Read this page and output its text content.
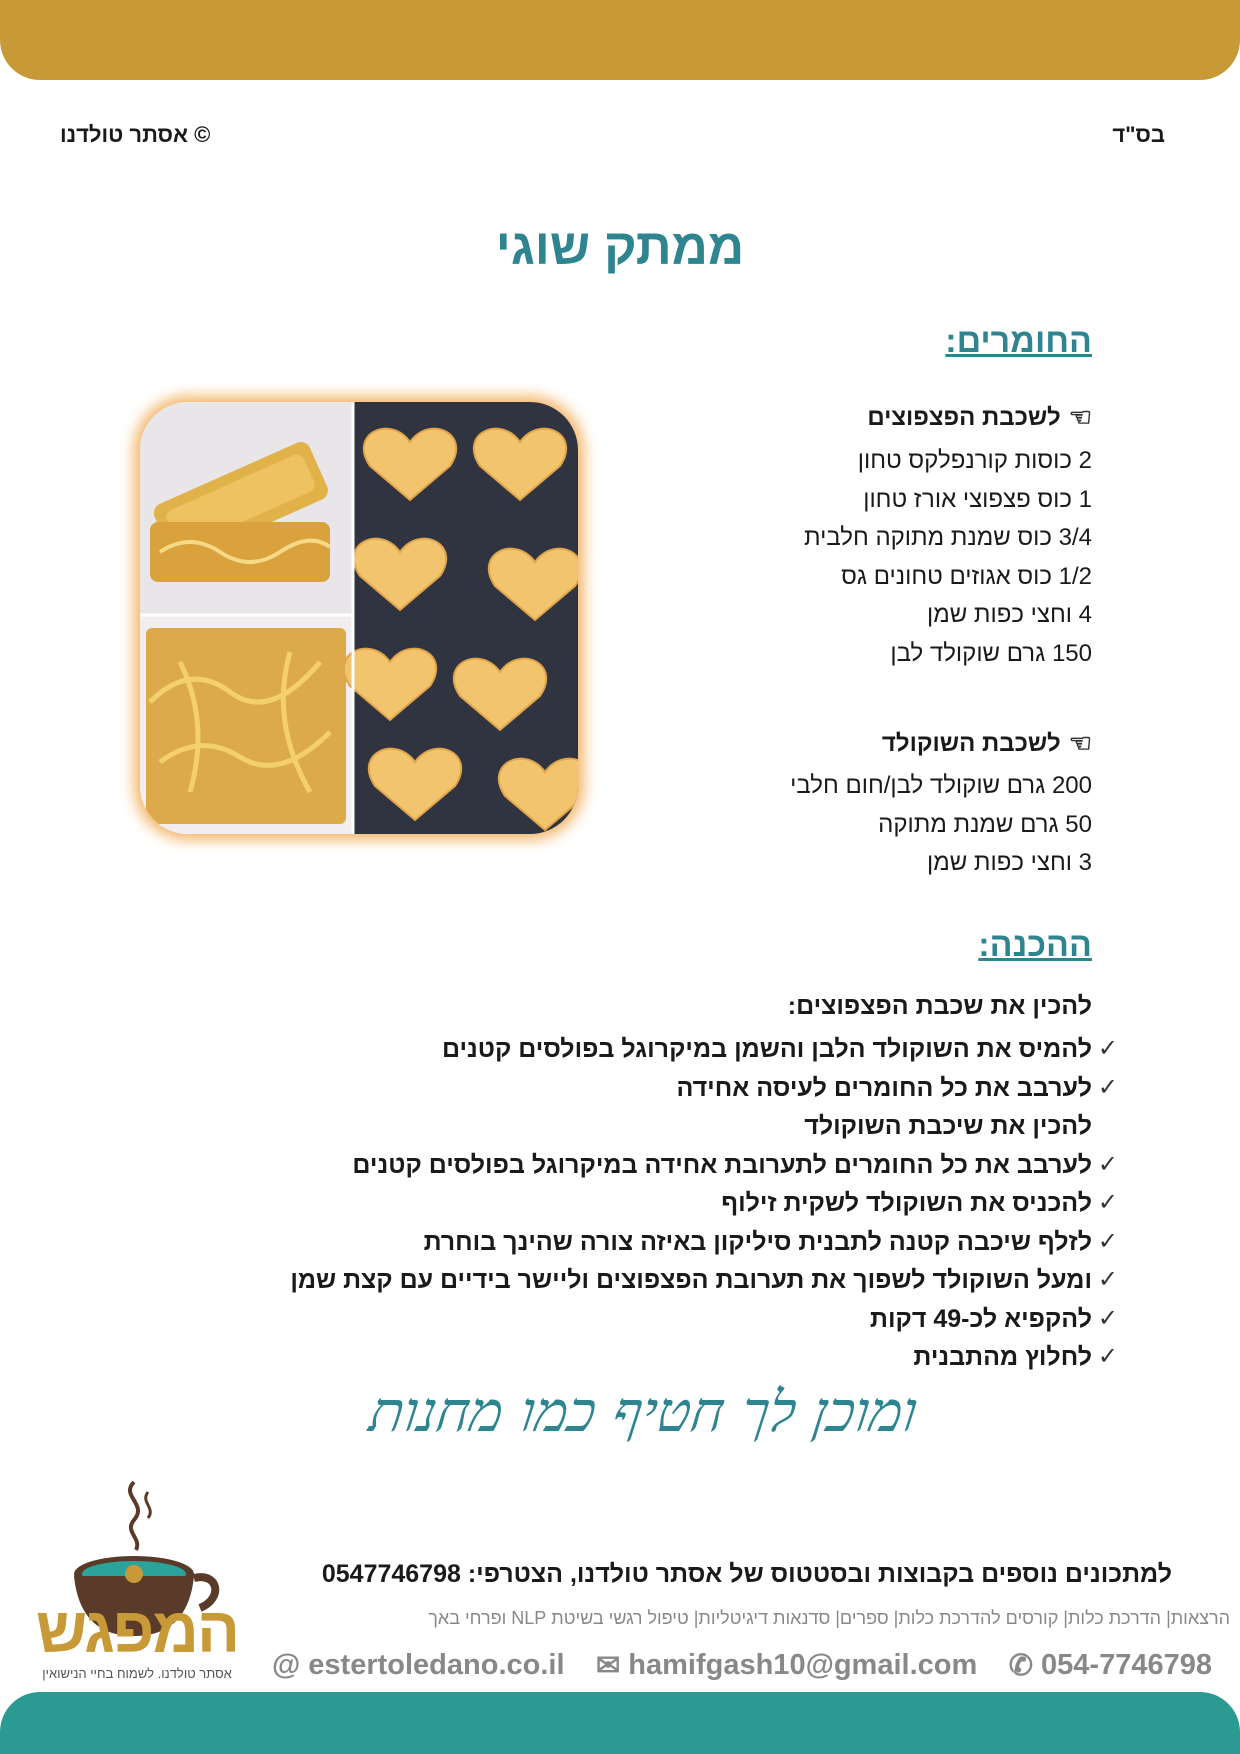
בס"ד
© אסתר טולדנו
ממתק שוגי
החומרים:
☜
לשכבת הפצפוצים
2 כוסות קורנפלקס טחון
1 כוס פצפוצי אורז טחון
3/4 כוס שמנת מתוקה חלבית
1/2 כוס אגוזים טחונים גס
4 וחצי כפות שמן
150 גרם שוקולד לבן
☜
לשכבת השוקולד
200 גרם שוקולד לבן/חום חלבי
50 גרם שמנת מתוקה
3 וחצי כפות שמן
ההכנה:
להכין את שכבת הפצפוצים:
✓
להמיס את השוקולד הלבן והשמן במיקרוגל בפולסים קטנים
✓
לערבב את כל החומרים לעיסה אחידה
להכין את שיכבת השוקולד
✓
לערבב את כל החומרים לתערובת אחידה במיקרוגל בפולסים קטנים
✓
להכניס את השוקולד לשקית זילוף
✓
לזלף שיכבה קטנה לתבנית סיליקון באיזה צורה שהינך בוחרת
✓
ומעל השוקולד לשפוך את תערובת הפצפוצים וליישר בידיים עם קצת שמן
✓
להקפיא לכ-49 דקות
✓
לחלוץ מהתבנית
ומוכן לך חטיף כמו מחנות
המפגש
אסתר טולדנו. לשמוח בחיי הנישואין
למתכונים נוספים בקבוצות ובסטטוס של אסתר טולדנו, הצטרפי: 0547746798
הרצאות| הדרכת כלות| קורסים להדרכת כלות| ספרים| סדנאות דיגיטליות| טיפול רגשי בשיטת NLP ופרחי באך
@ estertoledano.co.il ✉ hamifgash10@gmail.com ✆ 054-7746798
